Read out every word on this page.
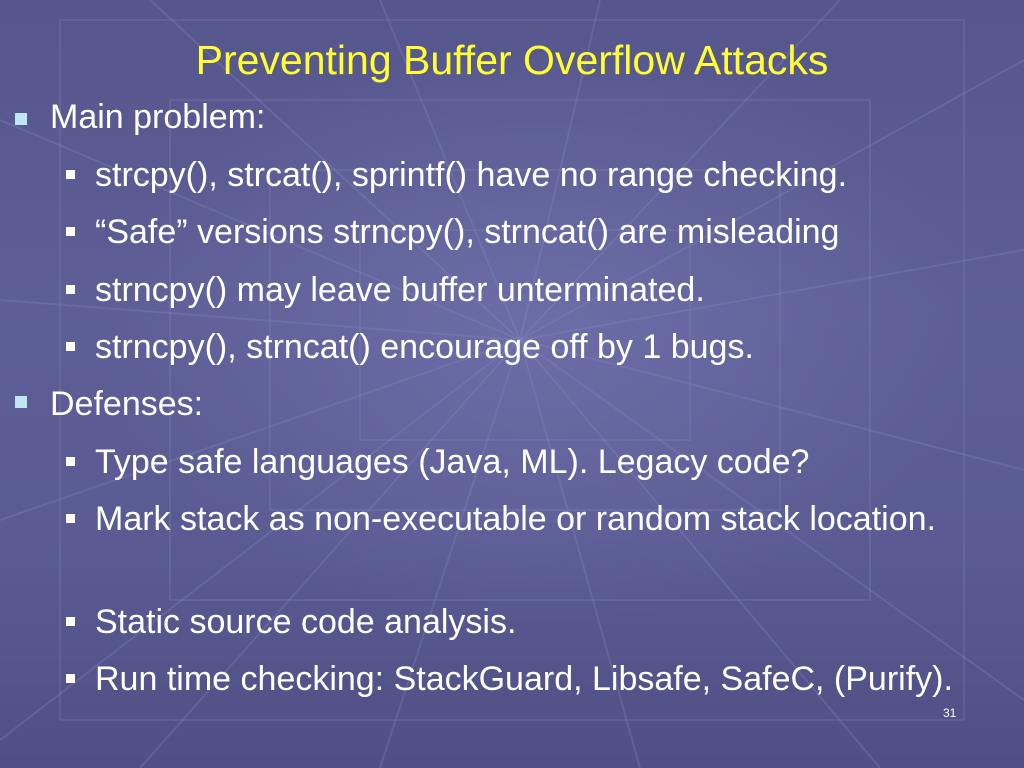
Preventing Buffer Overflow Attacks
Main problem:
strcpy(), strcat(), sprintf() have no range checking.
“Safe” versions strncpy(), strncat() are misleading
strncpy() may leave buffer unterminated.
strncpy(), strncat() encourage off by 1 bugs.
Defenses:
Type safe languages (Java, ML). Legacy code?
Mark stack as non-executable or random stack location.
Static source code analysis.
Run time checking: StackGuard, Libsafe, SafeC, (Purify).
31
